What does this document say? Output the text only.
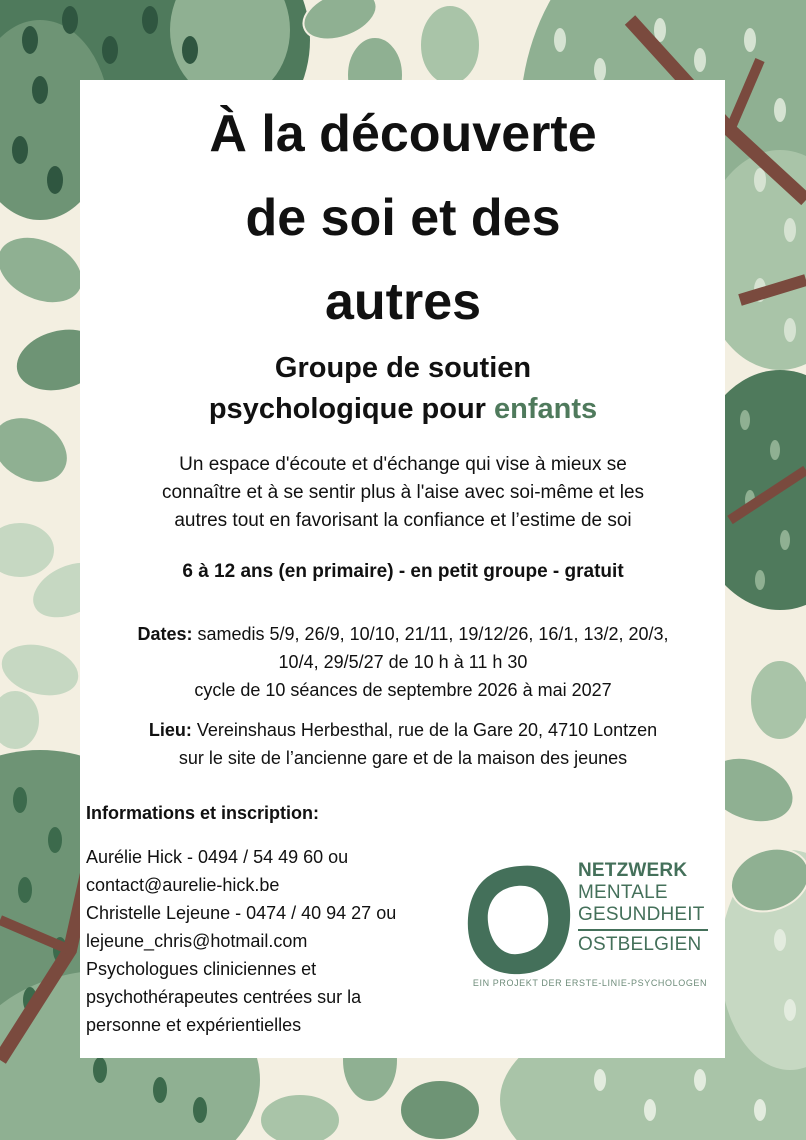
À la découverte
de soi et des
autres
Groupe de soutien
psychologique pour enfants
Un espace d'écoute et d'échange qui vise à mieux se
connaître et à se sentir plus à l'aise avec soi-même et les
autres tout en favorisant la confiance et l’estime de soi
6 à 12 ans (en primaire) - en petit groupe - gratuit
Dates: samedis 5/9, 26/9, 10/10, 21/11, 19/12/26, 16/1, 13/2, 20/3,
10/4, 29/5/27 de 10 h à 11 h 30
cycle de 10 séances de septembre 2026 à mai 2027
Lieu: Vereinshaus Herbesthal, rue de la Gare 20, 4710 Lontzen
sur le site de l’ancienne gare et de la maison des jeunes
Informations et inscription:
Aurélie Hick - 0494 / 54 49 60 ou
contact@aurelie-hick.be
Christelle Lejeune - 0474 / 40 94 27 ou
lejeune_chris@hotmail.com
Psychologues cliniciennes et
psychothérapeutes centrées sur la
personne et expérientielles
NETZWERK
MENTALE
GESUNDHEIT
OSTBELGIEN
EIN PROJEKT DER ERSTE-LINIE-PSYCHOLOGEN
